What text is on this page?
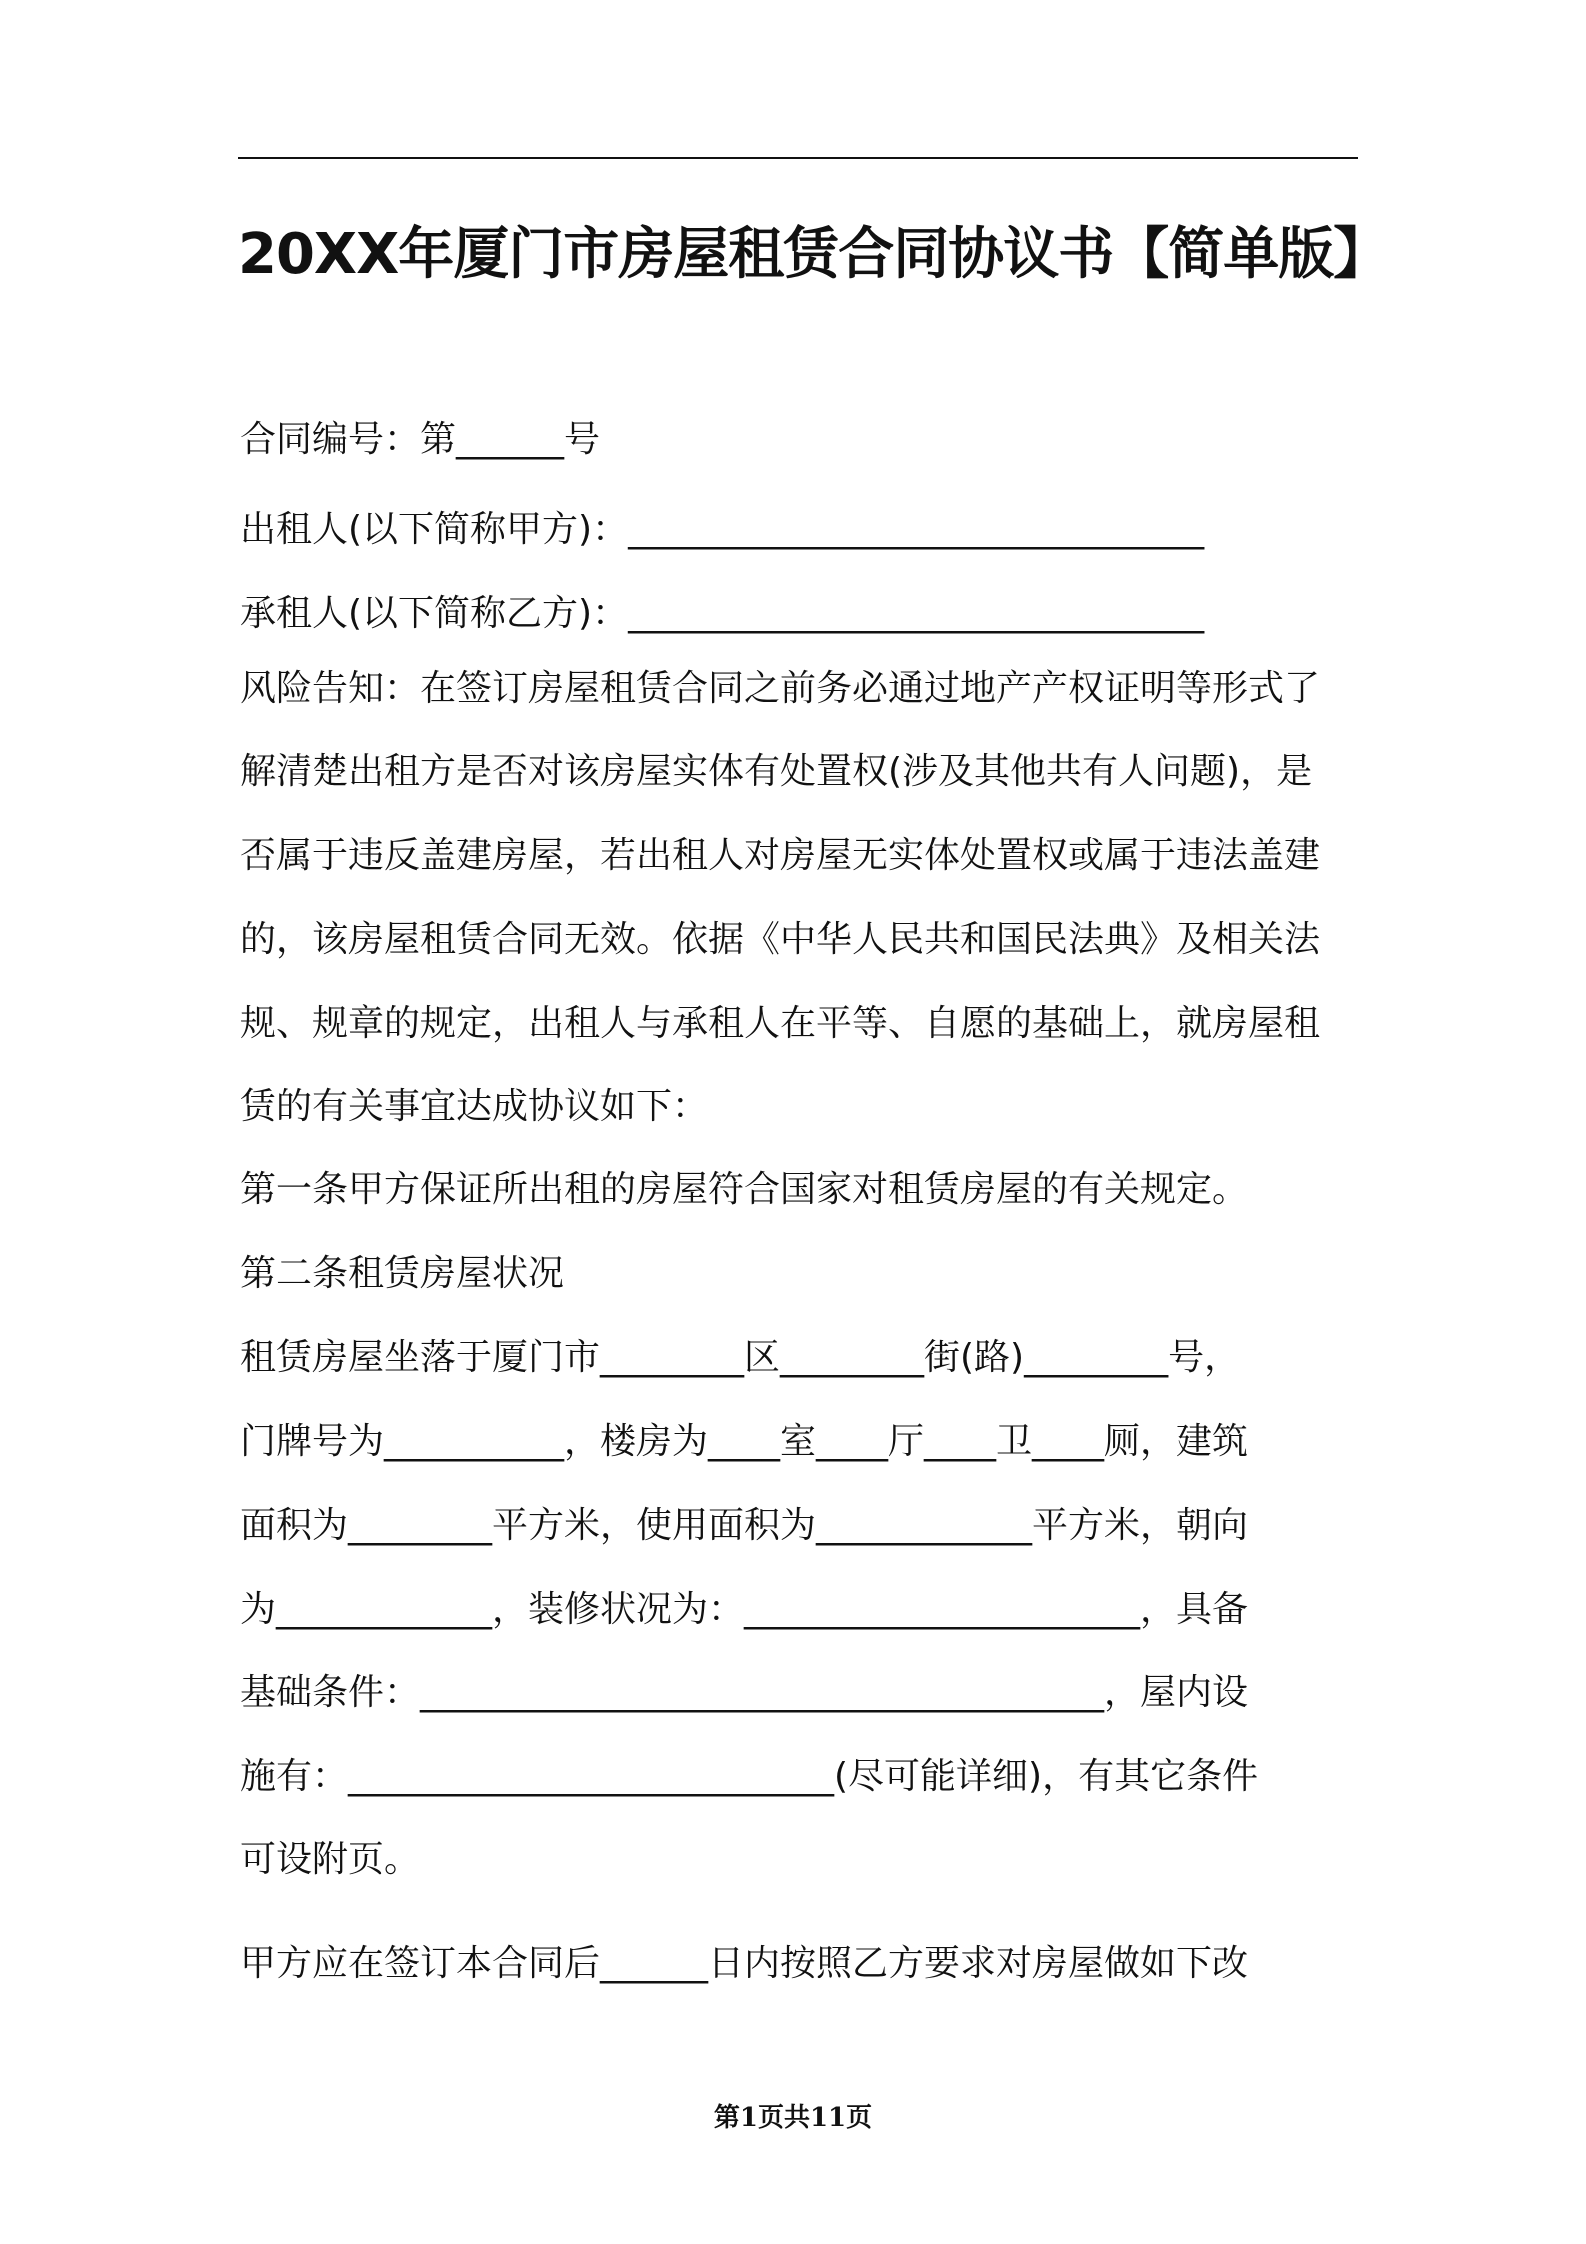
20XX年厦门市房屋租赁合同协议书【简单版】
合同编号：第______号
出租人(以下简称甲方)：________________________________
承租人(以下简称乙方)：________________________________
风险告知：在签订房屋租赁合同之前务必通过地产产权证明等形式了
解清楚出租方是否对该房屋实体有处置权(涉及其他共有人问题)，是
否属于违反盖建房屋，若出租人对房屋无实体处置权或属于违法盖建
的，该房屋租赁合同无效。依据《中华人民共和国民法典》及相关法
规、规章的规定，出租人与承租人在平等、自愿的基础上，就房屋租
赁的有关事宜达成协议如下：
第一条甲方保证所出租的房屋符合国家对租赁房屋的有关规定。
第二条租赁房屋状况
租赁房屋坐落于厦门市________区________街(路)________号，
门牌号为__________，楼房为____室____厅____卫____厕，建筑
面积为________平方米，使用面积为____________平方米，朝向
为____________，装修状况为：______________________，具备
基础条件：______________________________________，屋内设
施有：___________________________(尽可能详细)，有其它条件
可设附页。
甲方应在签订本合同后______日内按照乙方要求对房屋做如下改
第1页共11页
